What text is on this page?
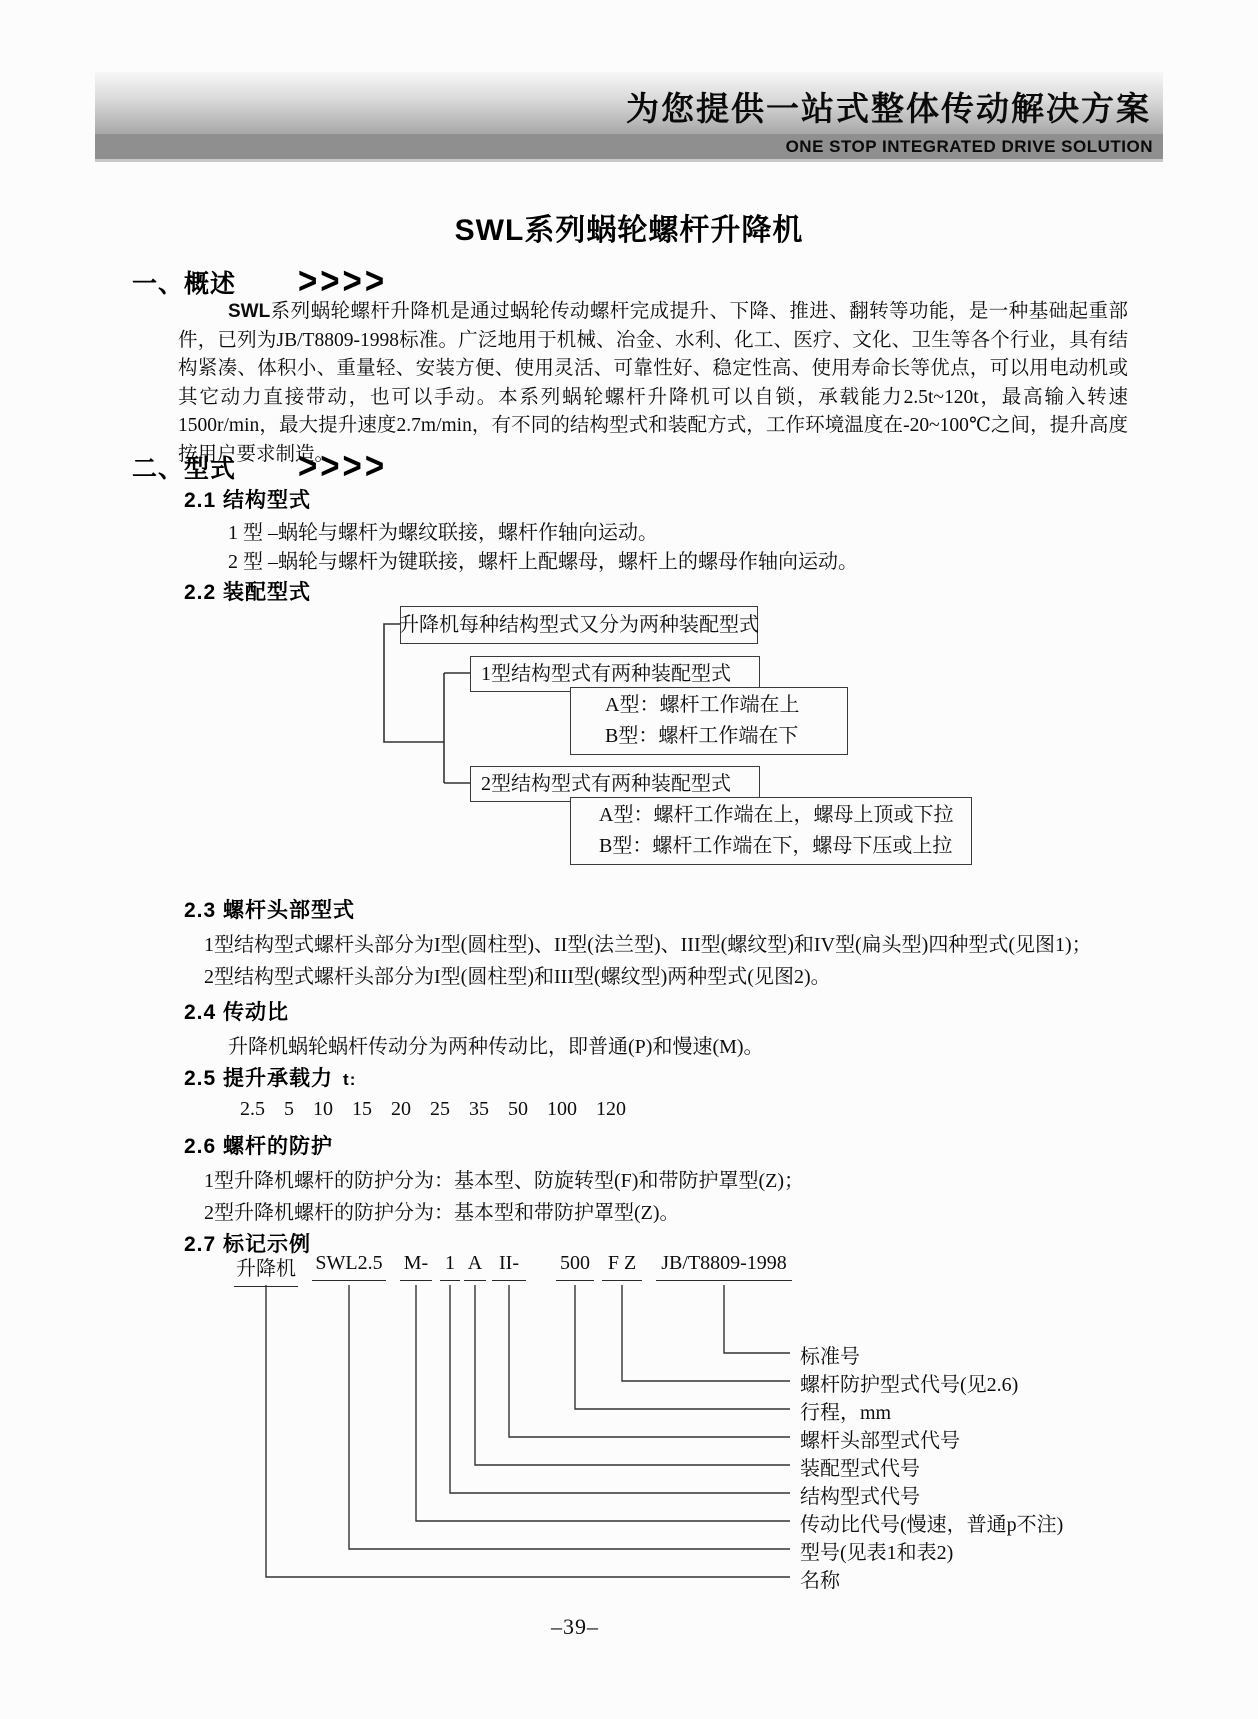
为您提供一站式整体传动解决方案
ONE STOP INTEGRATED DRIVE SOLUTION
SWL系列蜗轮螺杆升降机
一、概述 >>>>
SWL系列蜗轮螺杆升降机是通过蜗轮传动螺杆完成提升、下降、推进、翻转等功能，是一种基础起重部件，已列为JB/T8809-1998标准。广泛地用于机械、冶金、水利、化工、医疗、文化、卫生等各个行业，具有结构紧凑、体积小、重量轻、安装方便、使用灵活、可靠性好、稳定性高、使用寿命长等优点，可以用电动机或其它动力直接带动，也可以手动。本系列蜗轮螺杆升降机可以自锁，承载能力2.5t~120t，最高输入转速1500r/min，最大提升速度2.7m/min，有不同的结构型式和装配方式，工作环境温度在-20~100℃之间，提升高度按用户要求制造。
二、型式 >>>>
2.1 结构型式
1 型 –蜗轮与螺杆为螺纹联接，螺杆作轴向运动。
2 型 –蜗轮与螺杆为键联接，螺杆上配螺母，螺杆上的螺母作轴向运动。
2.2 装配型式
升降机每种结构型式又分为两种装配型式
1型结构型式有两种装配型式
A型：螺杆工作端在上
B型：螺杆工作端在下
2型结构型式有两种装配型式
A型：螺杆工作端在上，螺母上顶或下拉
B型：螺杆工作端在下，螺母下压或上拉
2.3 螺杆头部型式
1型结构型式螺杆头部分为I型(圆柱型)、II型(法兰型)、III型(螺纹型)和IV型(扁头型)四种型式(见图1)；
2型结构型式螺杆头部分为I型(圆柱型)和III型(螺纹型)两种型式(见图2)。
2.4 传动比
升降机蜗轮蜗杆传动分为两种传动比，即普通(P)和慢速(M)。
2.5 提升承载力 t:
2.5 5 10 15 20 25 35 50 100 120
2.6 螺杆的防护
1型升降机螺杆的防护分为：基本型、防旋转型(F)和带防护罩型(Z)；
2型升降机螺杆的防护分为：基本型和带防护罩型(Z)。
2.7 标记示例
升降机 SWL2.5 M- 1 A II-	500 F Z JB/T8809-1998
标准号
螺杆防护型式代号(见2.6)
行程，mm
螺杆头部型式代号
装配型式代号
结构型式代号
传动比代号(慢速，普通p不注)
型号(见表1和表2)
名称
–39–
